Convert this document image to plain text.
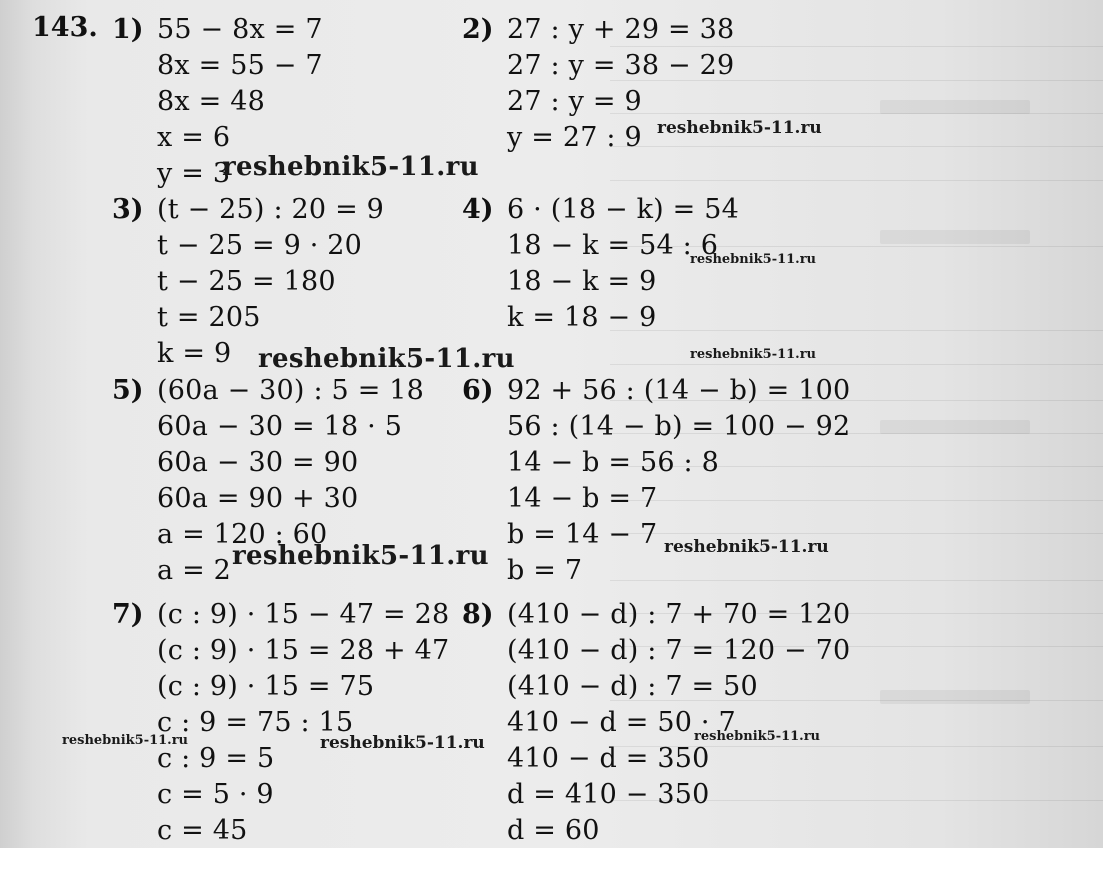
143. 1) 55 − 8x = 7
8x = 55 − 7
8x = 48
x = 6
y = 3
2) 27 : y + 29 = 38
27 : y = 38 − 29
27 : y = 9
y = 27 : 9
3) (t − 25) : 20 = 9
t − 25 = 9 · 20
t − 25 = 180
t = 205
k = 9
4) 6 · (18 − k) = 54
18 − k = 54 : 6
18 − k = 9
k = 18 − 9
5) (60a − 30) : 5 = 18
60a − 30 = 18 · 5
60a − 30 = 90
60a = 90 + 30
a = 120 : 60
a = 2
6) 92 + 56 : (14 − b) = 100
56 : (14 − b) = 100 − 92
14 − b = 56 : 8
14 − b = 7
b = 14 − 7
b = 7
7) (c : 9) · 15 − 47 = 28
(c : 9) · 15 = 28 + 47
(c : 9) · 15 = 75
c : 9 = 75 : 15
c : 9 = 5
c = 5 · 9
c = 45
8) (410 − d) : 7 + 70 = 120
(410 − d) : 7 = 120 − 70
(410 − d) : 7 = 50
410 − d = 50 · 7
410 − d = 350
d = 410 − 350
d = 60
reshebnik5-11.ru
reshebnik5-11.ru
reshebnik5-11.ru
reshebnik5-11.ru	reshebnik5-11.ru
reshebnik5-11.ru	reshebnik5-11.ru
reshebnik5-11.ru	reshebnik5-11.ru	reshebnik5-11.ru
